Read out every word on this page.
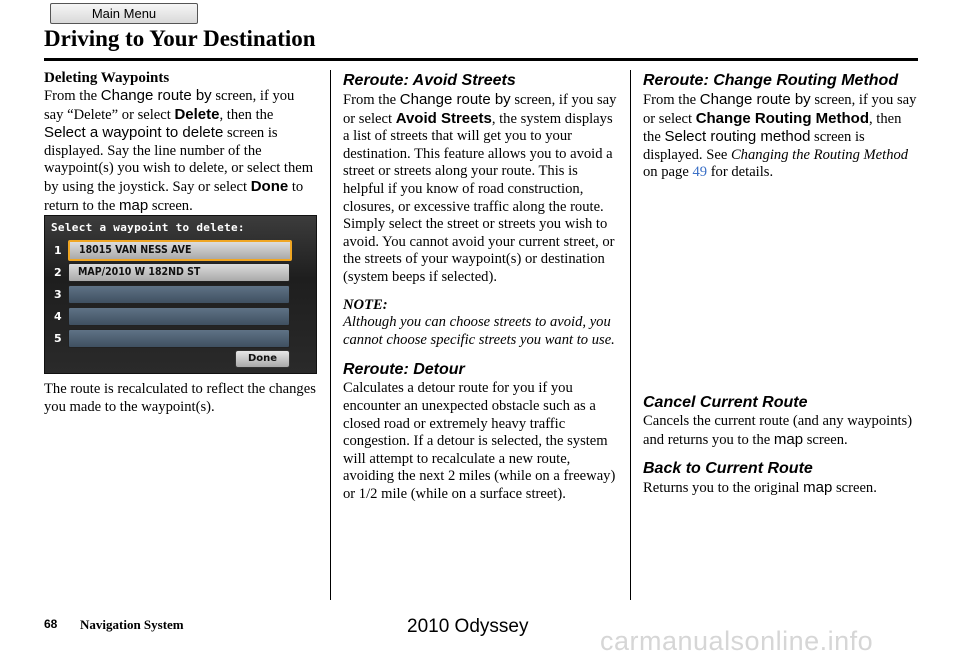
Main Menu
Driving to Your Destination
Deleting Waypoints

From the Change route by screen, if you say “Delete” or select Delete, then the Select a waypoint to delete screen is displayed. Say the line number of the waypoint(s) you wish to delete, or select them by using the joystick. Say or select Done to return to the map screen.

The route is recalculated to reflect the changes you made to the waypoint(s).

Select a waypoint to delete:
1 18015 VAN NESS AVE
2 MAP/2010 W 182ND ST
3
4
5
Done
Reroute: Avoid Streets

From the Change route by screen, if you say or select Avoid Streets, the system displays a list of streets that will get you to your destination. This feature allows you to avoid a street or streets along your route. This is helpful if you know of road construction, closures, or excessive traffic along the route. Simply select the street or streets you wish to avoid. You cannot avoid your current street, or the streets of your waypoint(s) or destination (system beeps if selected).

NOTE:

Although you can choose streets to avoid, you cannot choose specific streets you want to use.

Reroute: Detour

Calculates a detour route for you if you encounter an unexpected obstacle such as a closed road or extremely heavy traffic congestion. If a detour is selected, the system will attempt to recalculate a new route, avoiding the next 2 miles (while on a freeway) or 1/2 mile (while on a surface street).

Reroute: Change Routing Method

From the Change route by screen, if you say or select Change Routing Method, then the Select routing method screen is displayed. See Changing the Routing Method on page 49 for details.

Cancel Current Route

Cancels the current route (and any waypoints) and returns you to the map screen.

Back to Current Route

Returns you to the original map screen.

68 Navigation System	2010 Odyssey	carmanualsonline.info
